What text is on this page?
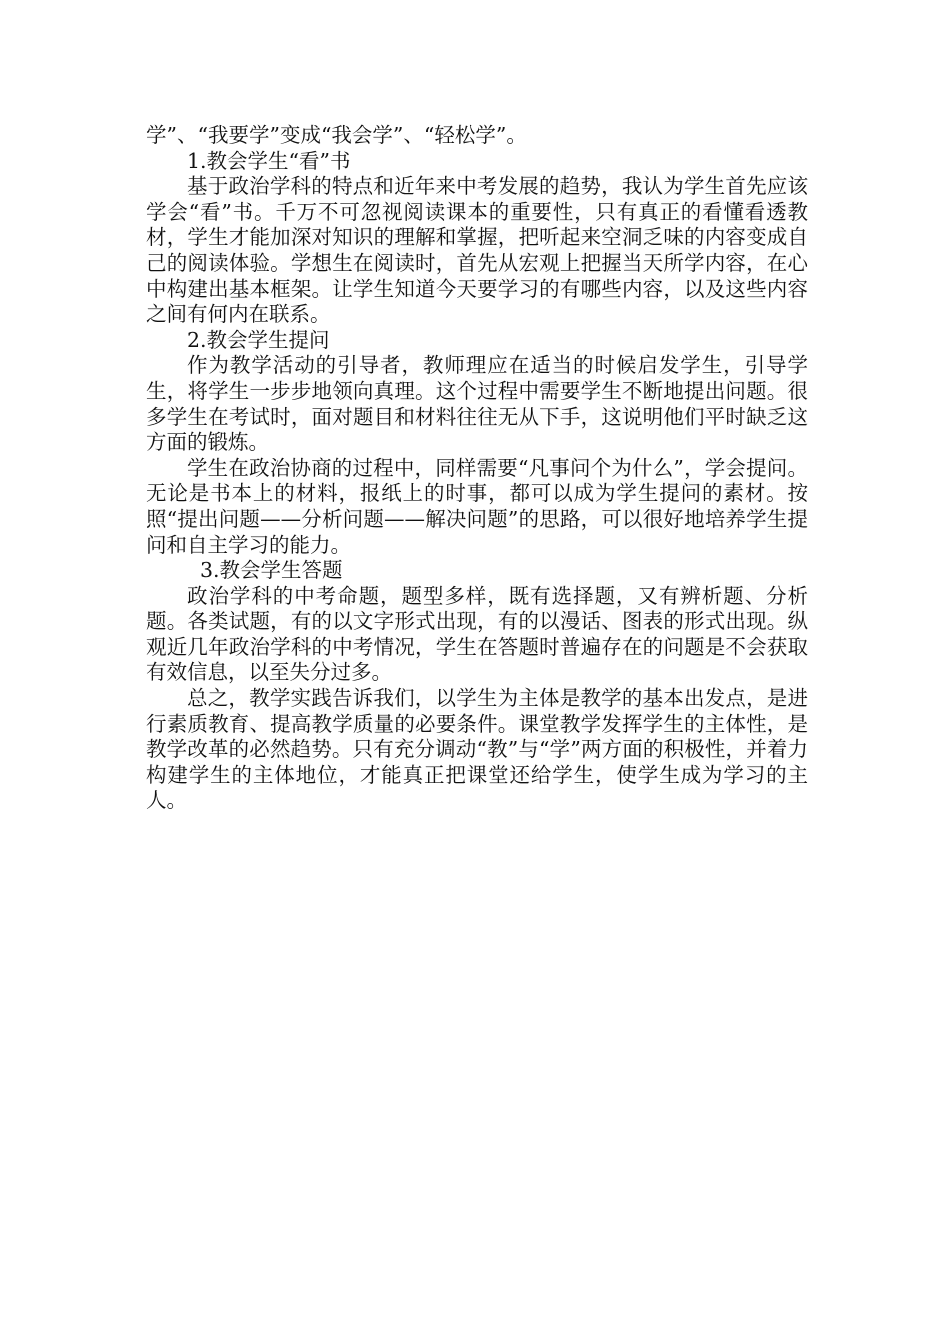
学”、“我要学”变成“我会学”、“轻松学”。

1.教会学生“看”书

基于政治学科的特点和近年来中考发展的趋势，我认为学生首先应该学会“看”书。千万不可忽视阅读课本的重要性，只有真正的看懂看透教材，学生才能加深对知识的理解和掌握，把听起来空洞乏味的内容变成自己的阅读体验。学想生在阅读时，首先从宏观上把握当天所学内容，在心中构建出基本框架。让学生知道今天要学习的有哪些内容，以及这些内容之间有何内在联系。

2.教会学生提问

作为教学活动的引导者，教师理应在适当的时候启发学生，引导学生，将学生一步步地领向真理。这个过程中需要学生不断地提出问题。很多学生在考试时，面对题目和材料往往无从下手，这说明他们平时缺乏这方面的锻炼。

学生在政治协商的过程中，同样需要“凡事问个为什么”，学会提问。无论是书本上的材料，报纸上的时事，都可以成为学生提问的素材。按照“提出问题——分析问题——解决问题”的思路，可以很好地培养学生提问和自主学习的能力。

3.教会学生答题

政治学科的中考命题，题型多样，既有选择题，又有辨析题、分析题。各类试题，有的以文字形式出现，有的以漫话、图表的形式出现。纵观近几年政治学科的中考情况，学生在答题时普遍存在的问题是不会获取有效信息，以至失分过多。

总之，教学实践告诉我们，以学生为主体是教学的基本出发点，是进行素质教育、提高教学质量的必要条件。课堂教学发挥学生的主体性，是教学改革的必然趋势。只有充分调动“教”与“学”两方面的积极性，并着力构建学生的主体地位，才能真正把课堂还给学生，使学生成为学习的主人。
